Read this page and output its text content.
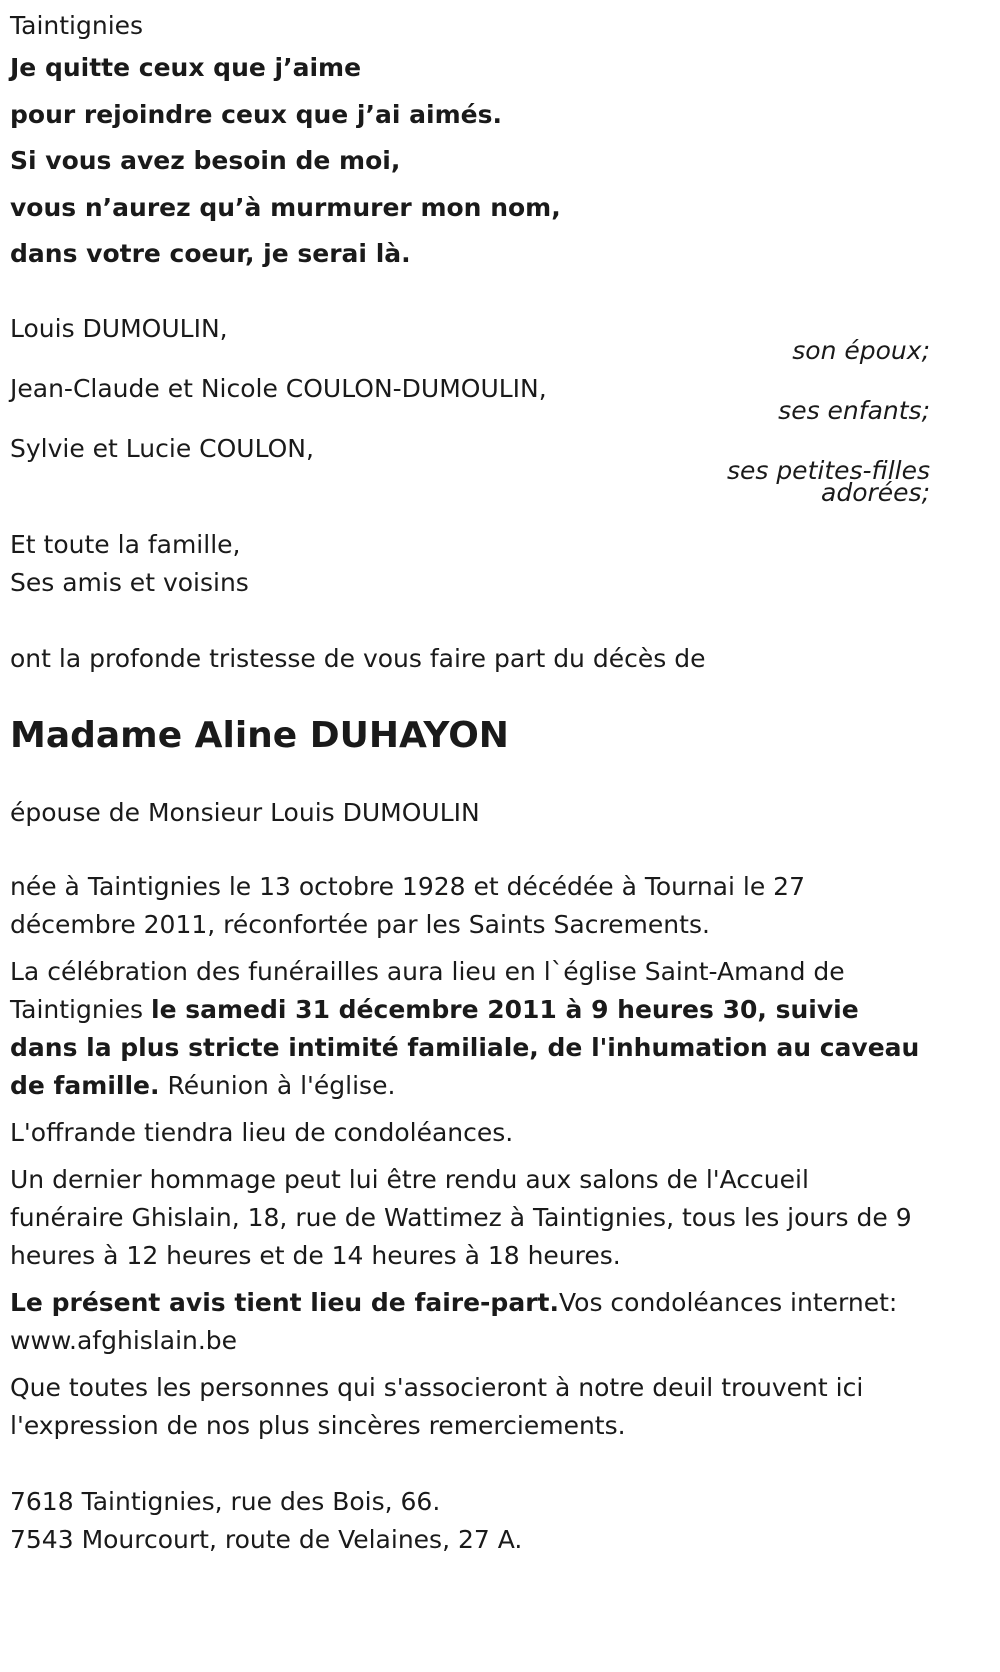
Taintignies
Je quitte ceux que j’aime
pour rejoindre ceux que j’ai aimés.
Si vous avez besoin de moi,
vous n’aurez qu’à murmurer mon nom,
dans votre coeur, je serai là.
Louis DUMOULIN,
son époux;
Jean-Claude et Nicole COULON-DUMOULIN,
ses enfants;
Sylvie et Lucie COULON,
ses petites-filles
adorées;
Et toute la famille,
Ses amis et voisins
ont la profonde tristesse de vous faire part du décès de
Madame Aline DUHAYON
épouse de Monsieur Louis DUMOULIN
née à Taintignies le 13 octobre 1928 et décédée à Tournai le 27 décembre 2011, réconfortée par les Saints Sacrements.
La célébration des funérailles aura lieu en l`église Saint-Amand de Taintignies le samedi 31 décembre 2011 à 9 heures 30, suivie dans la plus stricte intimité familiale, de l'inhumation au caveau de famille. Réunion à l'église.
L'offrande tiendra lieu de condoléances.
Un dernier hommage peut lui être rendu aux salons de l'Accueil funéraire Ghislain, 18, rue de Wattimez à Taintignies, tous les jours de 9 heures à 12 heures et de 14 heures à 18 heures.
Le présent avis tient lieu de faire-part.Vos condoléances internet: www.afghislain.be
Que toutes les personnes qui s'associeront à notre deuil trouvent ici l'expression de nos plus sincères remerciements.
7618 Taintignies, rue des Bois, 66.
7543 Mourcourt, route de Velaines, 27 A.
